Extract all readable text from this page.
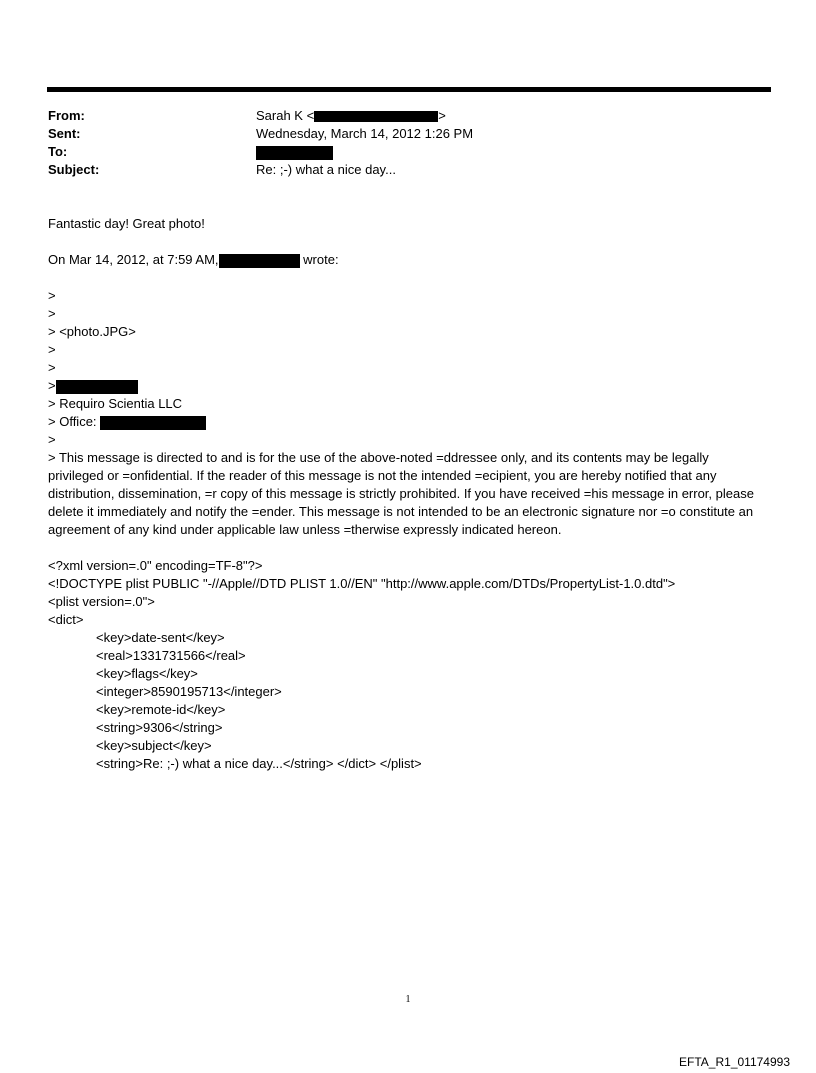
From:	Sarah K <	>
Sent:	Wednesday, March 14, 2012 1:26 PM
To:
Subject:	Re: ;-) what a nice day...
Fantastic day! Great photo!
On Mar 14, 2012, at 7:59 AM,	wrote:
>
>
> <photo.JPG>
>
>
>
> Requiro Scientia LLC
> Office:
>
> This message is directed to and is for the use of the above-noted =ddressee only, and its contents may be legally privileged or =onfidential. If the reader of this message is not the intended =ecipient, you are hereby notified that any distribution, dissemination, =r copy of this message is strictly prohibited. If you have received =his message in error, please delete it immediately and notify the =ender. This message is not intended to be an electronic signature nor =o constitute an agreement of any kind under applicable law unless =therwise expressly indicated hereon.
<?xml version=.0" encoding=TF-8"?>
<!DOCTYPE plist PUBLIC "-//Apple//DTD PLIST 1.0//EN" "http://www.apple.com/DTDs/PropertyList-1.0.dtd">
<plist version=.0">
<dict>
<key>date-sent</key>
<real>1331731566</real>
<key>flags</key>
<integer>8590195713</integer>
<key>remote-id</key>
<string>9306</string>
<key>subject</key>
<string>Re: ;-) what a nice day...</string> </dict> </plist>
1
EFTA_R1_01174993
